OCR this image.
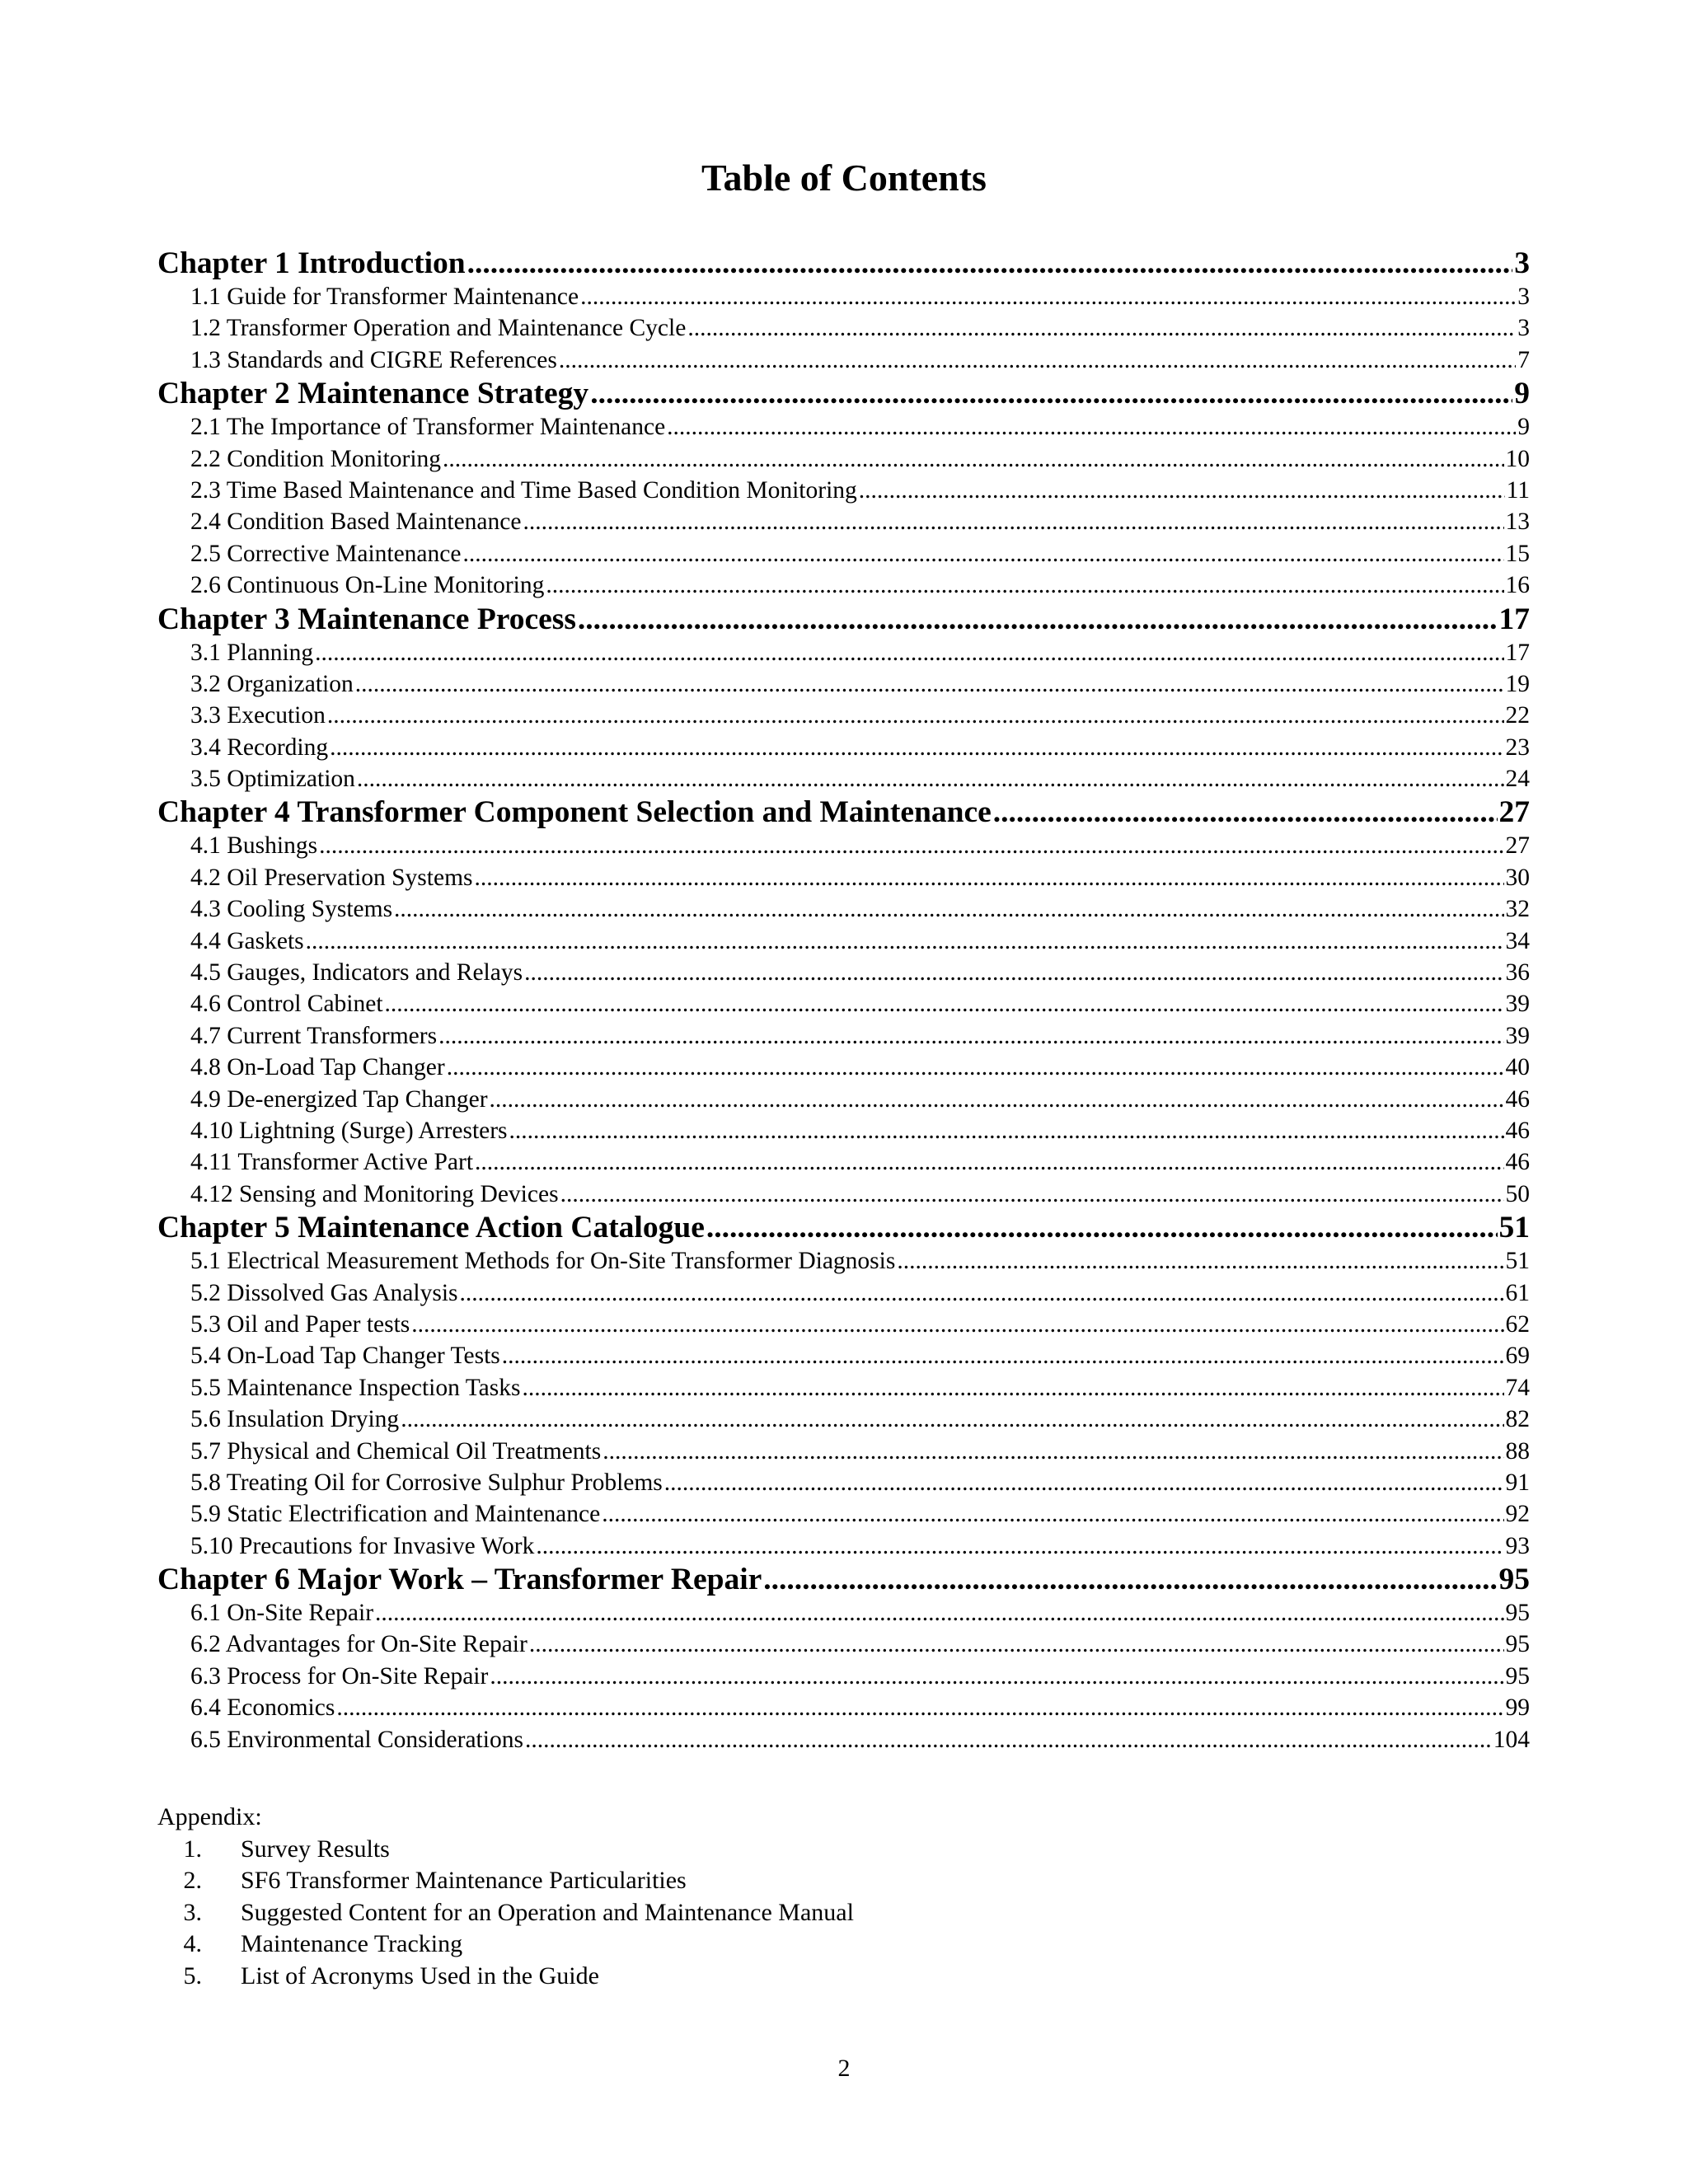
Table of Contents
Chapter 1 Introduction .....	3
1.1 Guide for Transformer Maintenance .....	3
1.2 Transformer Operation and Maintenance Cycle .....	3
1.3 Standards and CIGRE References .....	7
Chapter 2 Maintenance Strategy .....	9
2.1 The Importance of Transformer Maintenance .....	9
2.2 Condition Monitoring .....	10
2.3 Time Based Maintenance and Time Based Condition Monitoring .....	11
2.4 Condition Based Maintenance .....	13
2.5 Corrective Maintenance .....	15
2.6 Continuous On-Line Monitoring .....	16
Chapter 3 Maintenance Process .....	17
3.1 Planning .....	17
3.2 Organization .....	19
3.3 Execution .....	22
3.4 Recording .....	23
3.5 Optimization .....	24
Chapter 4 Transformer Component Selection and Maintenance .....	27
4.1 Bushings .....	27
4.2 Oil Preservation Systems .....	30
4.3 Cooling Systems .....	32
4.4 Gaskets .....	34
4.5 Gauges, Indicators and Relays .....	36
4.6 Control Cabinet .....	39
4.7 Current Transformers .....	39
4.8 On-Load Tap Changer .....	40
4.9 De-energized Tap Changer .....	46
4.10 Lightning (Surge) Arresters .....	46
4.11 Transformer Active Part .....	46
4.12 Sensing and Monitoring Devices .....	50
Chapter 5 Maintenance Action Catalogue .....	51
5.1 Electrical Measurement Methods for On-Site Transformer Diagnosis .....	51
5.2 Dissolved Gas Analysis .....	61
5.3 Oil and Paper tests .....	62
5.4 On-Load Tap Changer Tests .....	69
5.5 Maintenance Inspection Tasks .....	74
5.6 Insulation Drying .....	82
5.7 Physical and Chemical Oil Treatments .....	88
5.8 Treating Oil for Corrosive Sulphur Problems .....	91
5.9 Static Electrification and Maintenance .....	92
5.10 Precautions for Invasive Work .....	93
Chapter 6 Major Work – Transformer Repair .....	95
6.1 On-Site Repair .....	95
6.2 Advantages for On-Site Repair .....	95
6.3 Process for On-Site Repair .....	95
6.4 Economics .....	99
6.5 Environmental Considerations .....	104
Appendix:
1. Survey Results
2. SF6 Transformer Maintenance Particularities
3. Suggested Content for an Operation and Maintenance Manual
4. Maintenance Tracking
5. List of Acronyms Used in the Guide
2
